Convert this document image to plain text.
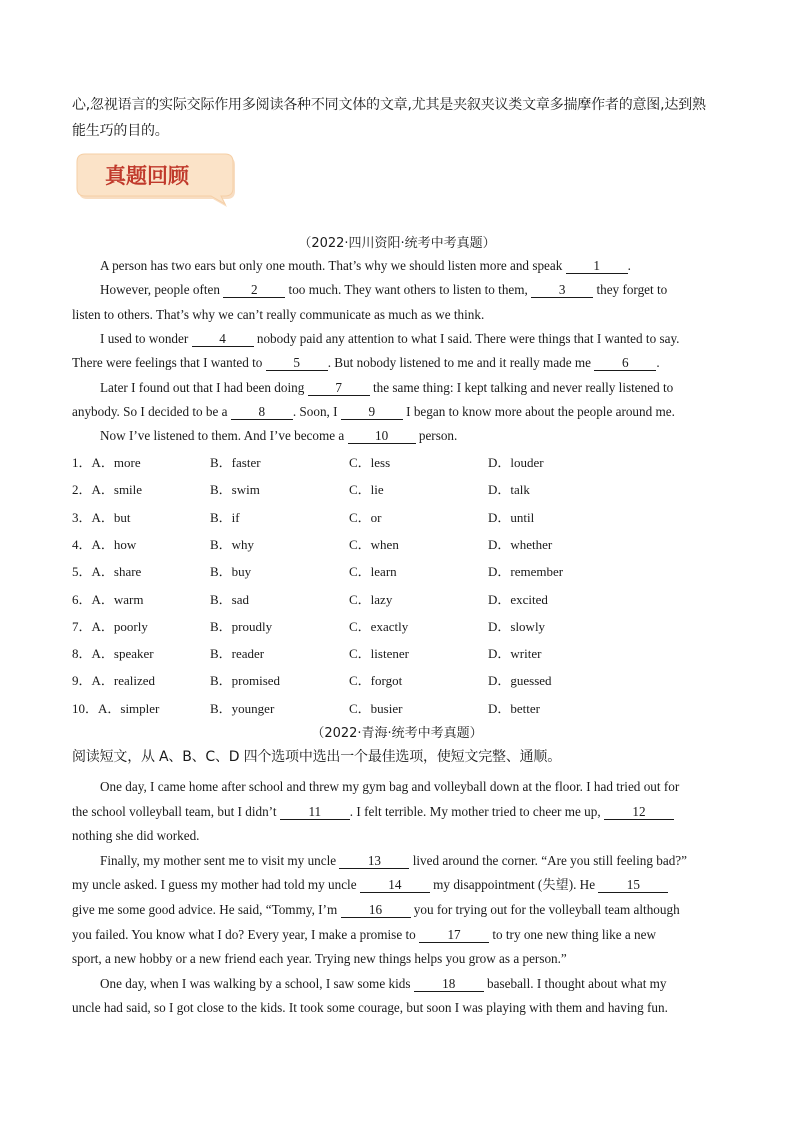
心,忽视语言的实际交际作用多阅读各种不同文体的文章,尤其是夹叙夹议类文章多揣摩作者的意图,达到熟
能生巧的目的。
真题回顾
（2022·四川资阳·统考中考真题）
A person has two ears but only one mouth. That’s why we should listen more and speak 1 .
However, people often 2 too much. They want others to listen to them, 3 they forget to
listen to others. That’s why we can’t really communicate as much as we think.
I used to wonder 4 nobody paid any attention to what I said. There were things that I wanted to say.
There were feelings that I wanted to 5 . But nobody listened to me and it really made me 6 .
Later I found out that I had been doing 7 the same thing: I kept talking and never really listened to
anybody. So I decided to be a 8 . Soon, I 9 I began to know more about the people around me.
Now I’ve listened to them. And I’ve become a 10 person.
1．A．more	B．faster	C．less	D．louder
2．A．smile	B．swim	C．lie	D．talk
3．A．but	B．if	C．or	D．until
4．A．how	B．why	C．when	D．whether
5．A．share	B．buy	C．learn	D．remember
6．A．warm	B．sad	C．lazy	D．excited
7．A．poorly	B．proudly	C．exactly	D．slowly
8．A．speaker	B．reader	C．listener	D．writer
9．A．realized	B．promised	C．forgot	D．guessed
10．A．simpler	B．younger	C．busier	D．better
（2022·青海·统考中考真题）
阅读短文，从 A、B、C、D 四个选项中选出一个最佳选项，使短文完整、通顺。
One day, I came home after school and threw my gym bag and volleyball down at the floor. I had tried out for
the school volleyball team, but I didn’t 11 . I felt terrible. My mother tried to cheer me up, 12
nothing she did worked.
Finally, my mother sent me to visit my uncle 13 lived around the corner. “Are you still feeling bad?”
my uncle asked. I guess my mother had told my uncle 14 my disappointment (失望). He 15
give me some good advice. He said, “Tommy, I’m 16 you for trying out for the volleyball team although
you failed. You know what I do? Every year, I make a promise to 17 to try one new thing like a new
sport, a new hobby or a new friend each year. Trying new things helps you grow as a person.”
One day, when I was walking by a school, I saw some kids 18 baseball. I thought about what my
uncle had said, so I got close to the kids. It took some courage, but soon I was playing with them and having fun.
